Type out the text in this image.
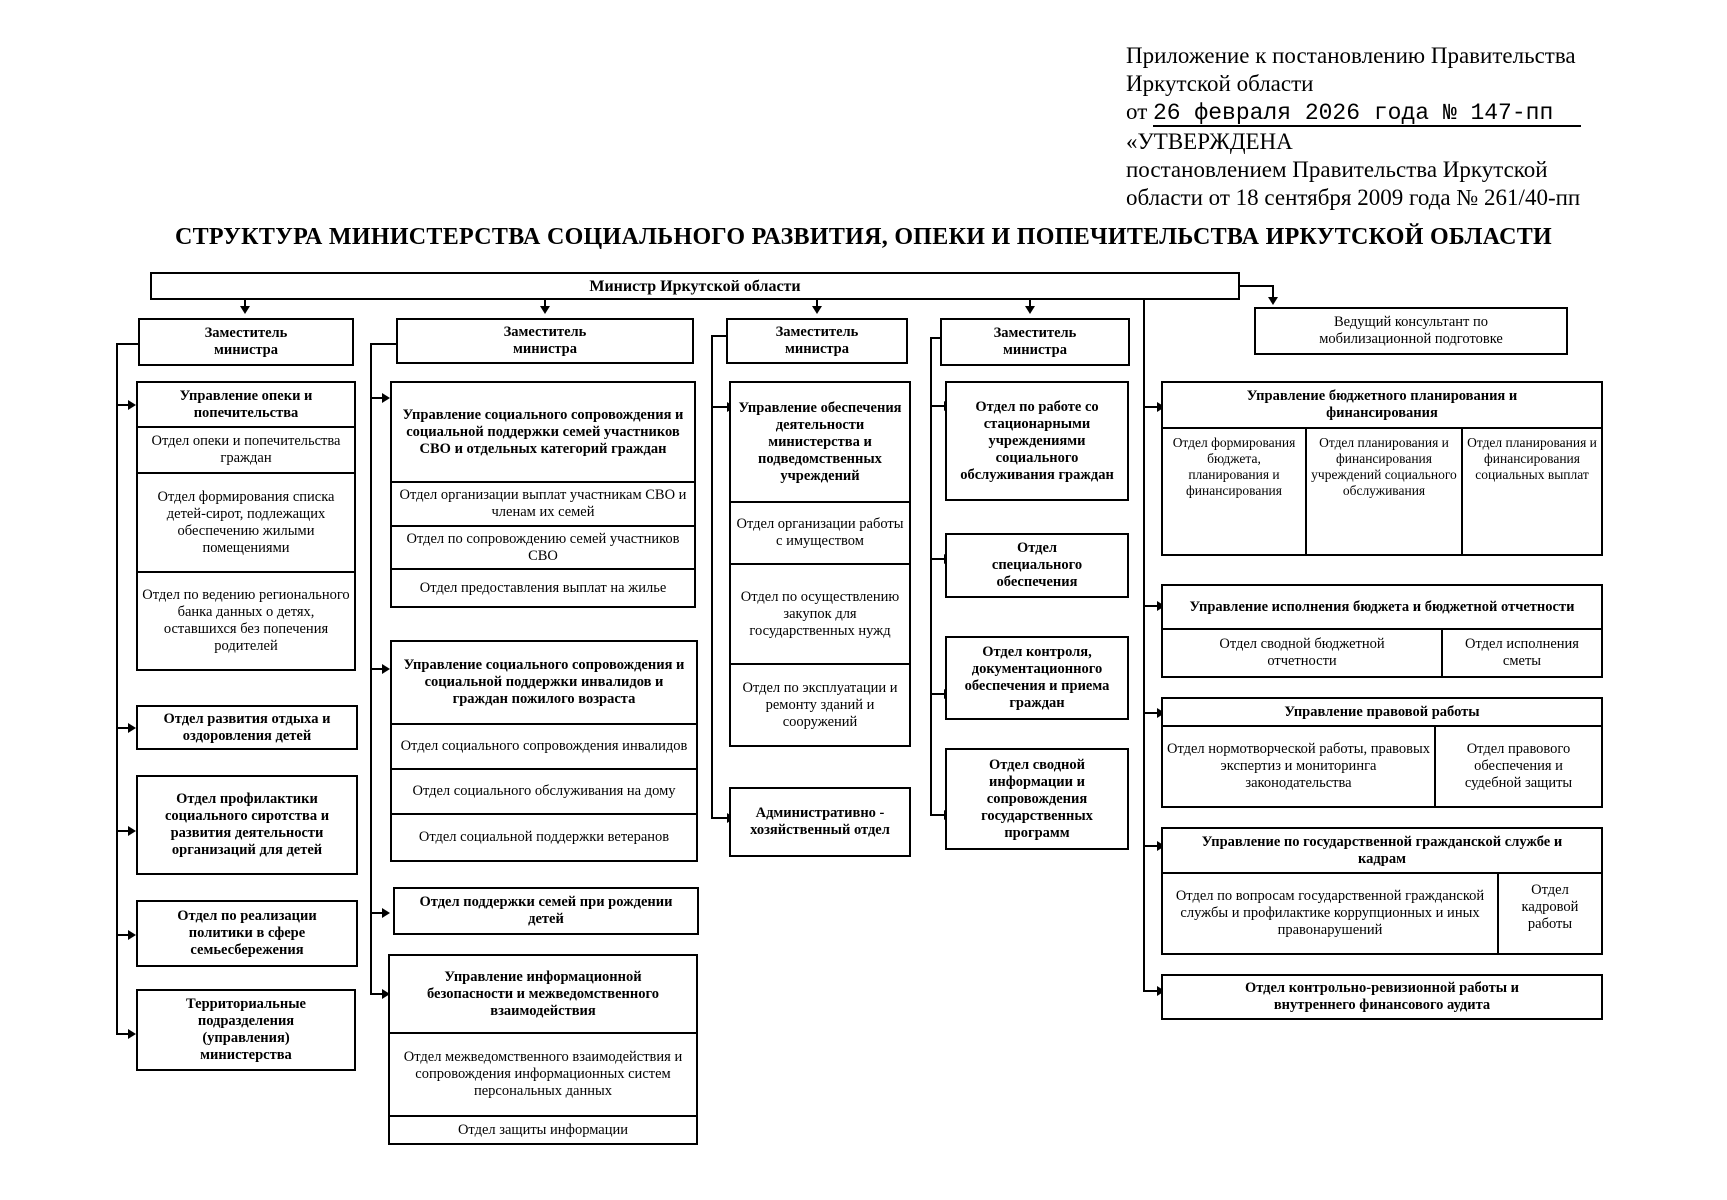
Приложение к постановлению Правительства
Иркутской области
от 26 февраля 2026 года № 147-пп
«УТВЕРЖДЕНА
постановлением Правительства Иркутской
области от 18 сентября 2009 года № 261/40-пп
СТРУКТУРА МИНИСТЕРСТВА СОЦИАЛЬНОГО РАЗВИТИЯ, ОПЕКИ И ПОПЕЧИТЕЛЬСТВА ИРКУТСКОЙ ОБЛАСТИ
Министр Иркутской области
Заместитель министра
Заместитель министра
Заместитель министра
Заместитель министра
Ведущий консультант по мобилизационной подготовке
Управление опеки и попечительства
Отдел опеки и попечительства граждан
Отдел формирования списка детей-сирот, подлежащих обеспечению жилыми помещениями
Отдел по ведению регионального банка данных о детях, оставшихся без попечения родителей
Отдел развития отдыха и оздоровления детей
Отдел профилактики социального сиротства и развития деятельности организаций для детей
Отдел по реализации политики в сфере семьесбережения
Территориальные подразделения (управления) министерства
Управление социального сопровождения и социальной поддержки семей участников СВО и отдельных категорий граждан
Отдел организации выплат участникам СВО и членам их семей
Отдел по сопровождению семей участников СВО
Отдел предоставления выплат на жилье
Управление социального сопровождения и социальной поддержки инвалидов и граждан пожилого возраста
Отдел социального сопровождения инвалидов
Отдел социального обслуживания на дому
Отдел социальной поддержки ветеранов
Отдел поддержки семей при рождении детей
Управление информационной безопасности и межведомственного взаимодействия
Отдел межведомственного взаимодействия и сопровождения информационных систем персональных данных
Отдел защиты информации
Управление обеспечения деятельности министерства и подведомственных учреждений
Отдел организации работы с имуществом
Отдел по осуществлению закупок для государственных нужд
Отдел по эксплуатации и ремонту зданий и сооружений
Административно - хозяйственный отдел
Отдел по работе со стационарными учреждениями социального обслуживания граждан
Отдел специального обеспечения
Отдел контроля, документационного обеспечения и приема граждан
Отдел сводной информации и сопровождения государственных программ
Управление бюджетного планирования и финансирования
Отдел формирования бюджета, планирования и финансирования
Отдел планирования и финансирования учреждений социального обслуживания
Отдел планирования и финансирования социальных выплат
Управление исполнения бюджета и бюджетной отчетности
Отдел сводной бюджетной отчетности
Отдел исполнения сметы
Управление правовой работы
Отдел нормотворческой работы, правовых экспертиз и мониторинга законодательства
Отдел правового обеспечения и судебной защиты
Управление по государственной гражданской службе и кадрам
Отдел по вопросам государственной гражданской службы и профилактике коррупционных и иных правонарушений
Отдел кадровой работы
Отдел контрольно-ревизионной работы и внутреннего финансового аудита
